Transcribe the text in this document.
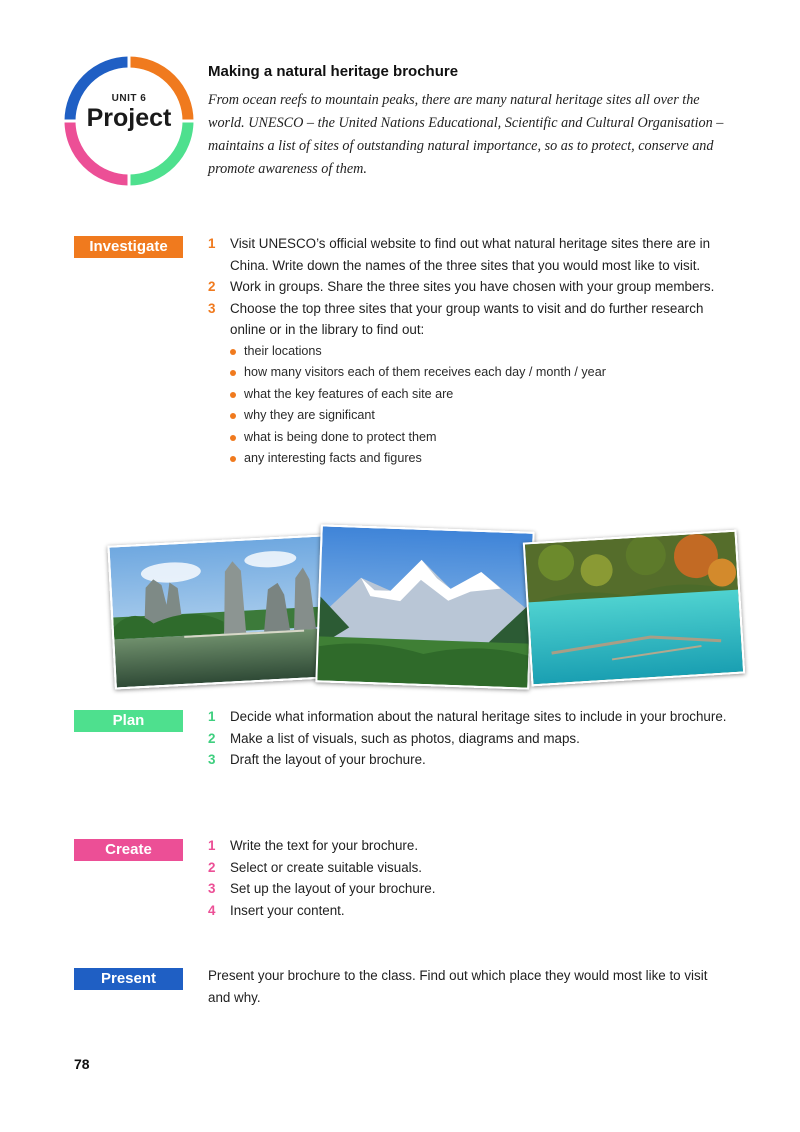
UNIT 6
Project
Making a natural heritage brochure
From ocean reefs to mountain peaks, there are many natural heritage sites all over the world. UNESCO – the United Nations Educational, Scientific and Cultural Organisation – maintains a list of sites of outstanding natural importance, so as to protect, conserve and promote awareness of them.
Investigate	1 Visit UNESCO’s official website to find out what natural heritage sites there are in China. Write down the names of the three sites that you would most like to visit.
2 Work in groups. Share the three sites you have chosen with your group members.
3 Choose the top three sites that your group wants to visit and do further research online or in the library to find out:
their locations
how many visitors each of them receives each day / month / year
what the key features of each site are
why they are significant
what is being done to protect them
any interesting facts and figures
Plan	1 Decide what information about the natural heritage sites to include in your brochure.
2 Make a list of visuals, such as photos, diagrams and maps.
3 Draft the layout of your brochure.
Create	1 Write the text for your brochure.
2 Select or create suitable visuals.
3 Set up the layout of your brochure.
4 Insert your content.
Present	Present your brochure to the class. Find out which place they would most like to visit and why.
78
